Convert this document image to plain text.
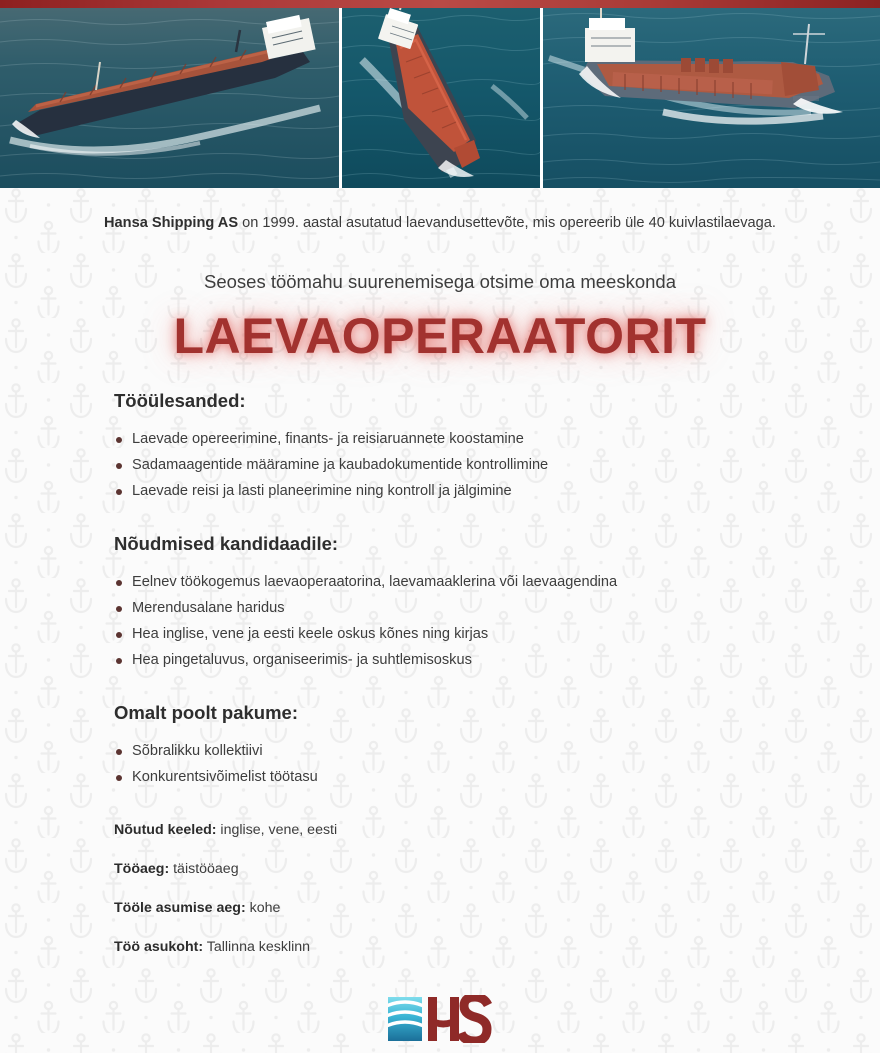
Hansa Shipping AS on 1999. aastal asutatud laevandusettevõte, mis opereerib üle 40 kuivlastilaevaga.

Seoses töömahu suurenemisega otsime oma meeskonda

LAEVAOPERAATORIT
Tööülesanded:
Laevade opereerimine, finants- ja reisiaruannete koostamine
Sadamaagentide määramine ja kaubadokumentide kontrollimine
Laevade reisi ja lasti planeerimine ning kontroll ja jälgimine
Nõudmised kandidaadile:
Eelnev töökogemus laevaoperaatorina, laevamaaklerina või laevaagendina
Merendusalane haridus
Hea inglise, vene ja eesti keele oskus kõnes ning kirjas
Hea pingetaluvus, organiseerimis- ja suhtlemisoskus
Omalt poolt pakume:
Sõbralikku kollektiivi
Konkurentsivõimelist töötasu
Nõutud keeled: inglise, vene, eesti
Tööaeg: täistööaeg
Tööle asumise aeg: kohe
Töö asukoht: Tallinna kesklinn
